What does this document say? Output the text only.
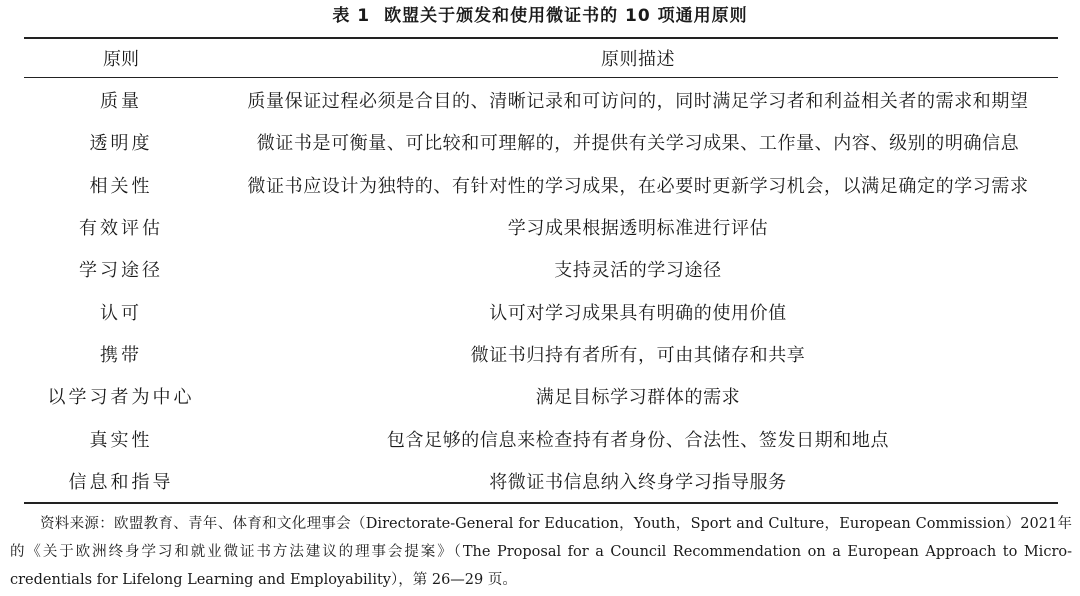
表 1 欧盟关于颁发和使用微证书的 10 项通用原则
原则	原则描述
质量	质量保证过程必须是合目的、清晰记录和可访问的，同时满足学习者和利益相关者的需求和期望
透明度	微证书是可衡量、可比较和可理解的，并提供有关学习成果、工作量、内容、级别的明确信息
相关性	微证书应设计为独特的、有针对性的学习成果，在必要时更新学习机会，以满足确定的学习需求
有效评估	学习成果根据透明标准进行评估
学习途径	支持灵活的学习途径
认可	认可对学习成果具有明确的使用价值
携带	微证书归持有者所有，可由其储存和共享
以学习者为中心	满足目标学习群体的需求
真实性	包含足够的信息来检查持有者身份、合法性、签发日期和地点
信息和指导	将微证书信息纳入终身学习指导服务

资料来源：欧盟教育、青年、体育和文化理事会（Directorate-General for Education，Youth，Sport and Culture，European Commission）2021年的《关于欧洲终身学习和就业微证书方法建议的理事会提案》（The Proposal for a Council Recommendation on a European Approach to Micro-credentials for Lifelong Learning and Employability），第 26—29 页。
